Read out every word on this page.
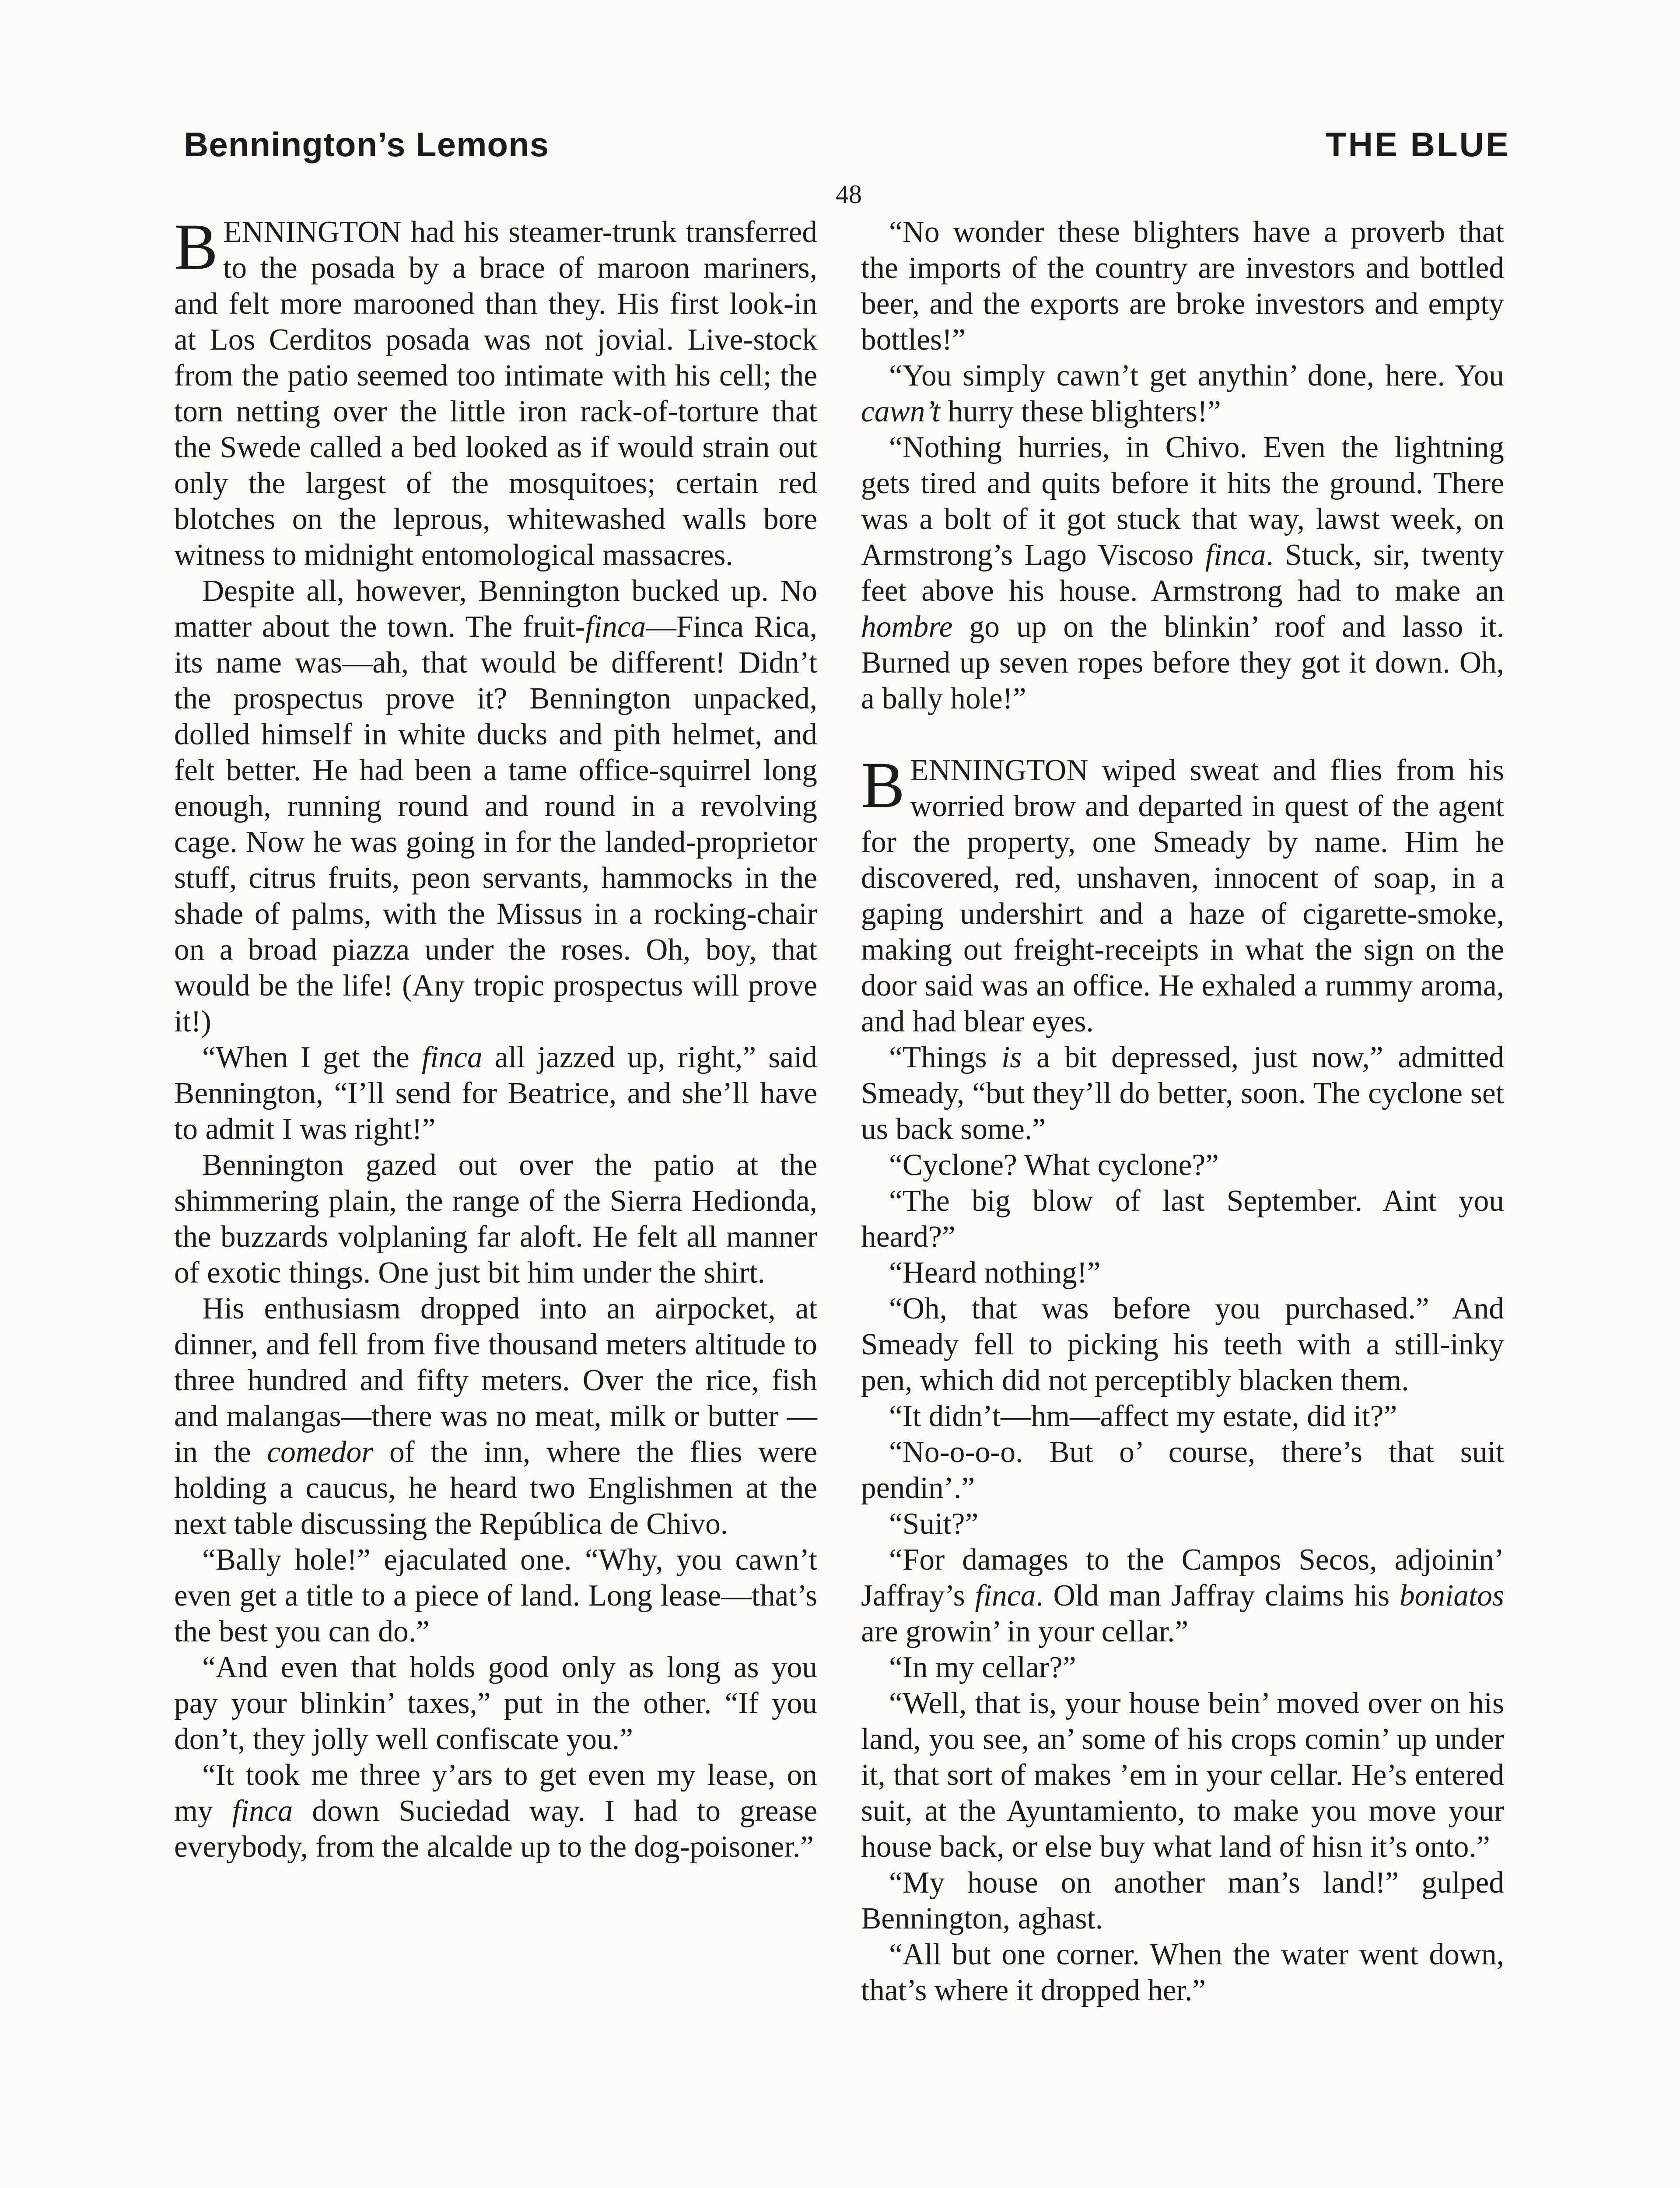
Bennington’s Lemons	THE BLUE
48

BENNINGTON had his steamer-trunk transferred to the posada by a brace of maroon mariners, and felt more marooned than they. His first look-in at Los Cerditos posada was not jovial. Live-stock from the patio seemed too intimate with his cell; the torn netting over the little iron rack-of-torture that the Swede called a bed looked as if would strain out only the largest of the mosquitoes; certain red blotches on the leprous, whitewashed walls bore witness to midnight entomological massacres.

Despite all, however, Bennington bucked up. No matter about the town. The fruit-finca—Finca Rica, its name was—ah, that would be different! Didn’t the prospectus prove it? Bennington unpacked, dolled himself in white ducks and pith helmet, and felt better. He had been a tame office-squirrel long enough, running round and round in a revolving cage. Now he was going in for the landed-proprietor stuff, citrus fruits, peon servants, hammocks in the shade of palms, with the Missus in a rocking-chair on a broad piazza under the roses. Oh, boy, that would be the life! (Any tropic prospectus will prove it!)

“When I get the finca all jazzed up, right,” said Bennington, “I’ll send for Beatrice, and she’ll have to admit I was right!”

Bennington gazed out over the patio at the shimmering plain, the range of the Sierra Hedionda, the buzzards volplaning far aloft. He felt all manner of exotic things. One just bit him under the shirt.

His enthusiasm dropped into an airpocket, at dinner, and fell from five thousand meters altitude to three hundred and fifty meters. Over the rice, fish and malangas—there was no meat, milk or butter —in the comedor of the inn, where the flies were holding a caucus, he heard two Englishmen at the next table discussing the República de Chivo.

“Bally hole!” ejaculated one. “Why, you cawn’t even get a title to a piece of land. Long lease—that’s the best you can do.”

“And even that holds good only as long as you pay your blinkin’ taxes,” put in the other. “If you don’t, they jolly well confiscate you.”

“It took me three y’ars to get even my lease, on my finca down Suciedad way. I had to grease everybody, from the alcalde up to the dog-poisoner.”

“No wonder these blighters have a proverb that the imports of the country are investors and bottled beer, and the exports are broke investors and empty bottles!”

“You simply cawn’t get anythin’ done, here. You cawn’t hurry these blighters!”

“Nothing hurries, in Chivo. Even the lightning gets tired and quits before it hits the ground. There was a bolt of it got stuck that way, lawst week, on Armstrong’s Lago Viscoso finca. Stuck, sir, twenty feet above his house. Armstrong had to make an hombre go up on the blinkin’ roof and lasso it. Burned up seven ropes before they got it down. Oh, a bally hole!”

BENNINGTON wiped sweat and flies from his worried brow and departed in quest of the agent for the property, one Smeady by name. Him he discovered, red, unshaven, innocent of soap, in a gaping undershirt and a haze of cigarette-smoke, making out freight-receipts in what the sign on the door said was an office. He exhaled a rummy aroma, and had blear eyes.

“Things is a bit depressed, just now,” admitted Smeady, “but they’ll do better, soon. The cyclone set us back some.”

“Cyclone? What cyclone?”

“The big blow of last September. Aint you heard?”

“Heard nothing!”

“Oh, that was before you purchased.” And Smeady fell to picking his teeth with a still-inky pen, which did not perceptibly blacken them.

“It didn’t—hm—affect my estate, did it?”

“No-o-o-o. But o’ course, there’s that suit pendin’.”

“Suit?”

“For damages to the Campos Secos, adjoinin’ Jaffray’s finca. Old man Jaffray claims his boniatos are growin’ in your cellar.”

“In my cellar?”

“Well, that is, your house bein’ moved over on his land, you see, an’ some of his crops comin’ up under it, that sort of makes ’em in your cellar. He’s entered suit, at the Ayuntamiento, to make you move your house back, or else buy what land of hisn it’s onto.”

“My house on another man’s land!” gulped Bennington, aghast.

“All but one corner. When the water went down, that’s where it dropped her.”
